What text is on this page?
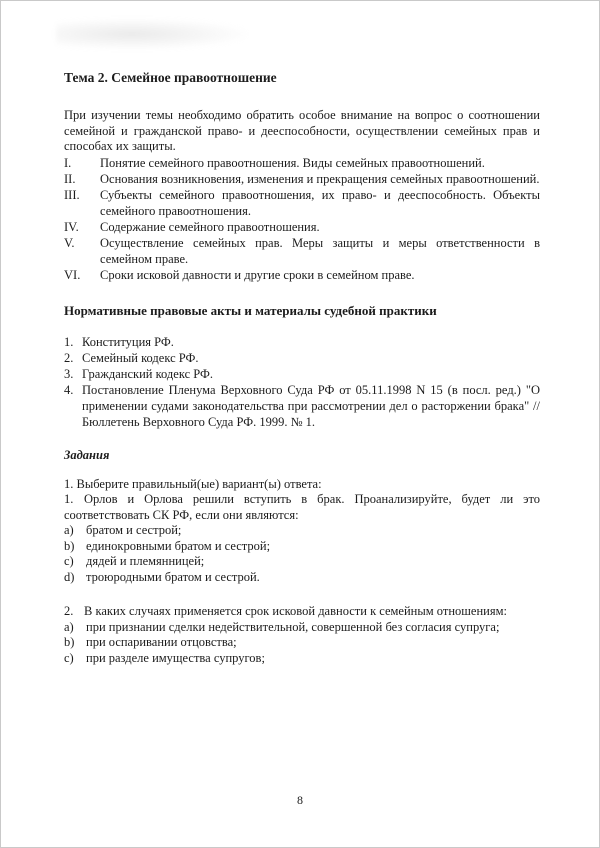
Тема 2. Семейное правоотношение

При изучении темы необходимо обратить особое внимание на вопрос о соотношении семейной и гражданской право- и дееспособности, осуществлении семейных прав и способах их защиты.

I. Понятие семейного правоотношения. Виды семейных правоотношений.
II. Основания возникновения, изменения и прекращения семейных правоотношений.
III. Субъекты семейного правоотношения, их право- и дееспособность. Объекты семейного правоотношения.
IV. Содержание семейного правоотношения.
V. Осуществление семейных прав. Меры защиты и меры ответственности в семейном праве.
VI. Сроки исковой давности и другие сроки в семейном праве.
Нормативные правовые акты и материалы судебной практики
1. Конституция РФ.
2. Семейный кодекс РФ.
3. Гражданский кодекс РФ.
4. Постановление Пленума Верховного Суда РФ от 05.11.1998 N 15 (в посл. ред.) "О применении судами законодательства при рассмотрении дел о расторжении брака" // Бюллетень Верховного Суда РФ. 1999. № 1.
Задания

1. Выберите правильный(ые) вариант(ы) ответа:

1. Орлов и Орлова решили вступить в брак. Проанализируйте, будет ли это соответствовать СК РФ, если они являются:

a) братом и сестрой;

b) единокровными братом и сестрой;

c) дядей и племянницей;

d) троюродными братом и сестрой.

2. В каких случаях применяется срок исковой давности к семейным отношениям:

a) при признании сделки недействительной, совершенной без согласия супруга;

b) при оспаривании отцовства;

c) при разделе имущества супругов;

8
